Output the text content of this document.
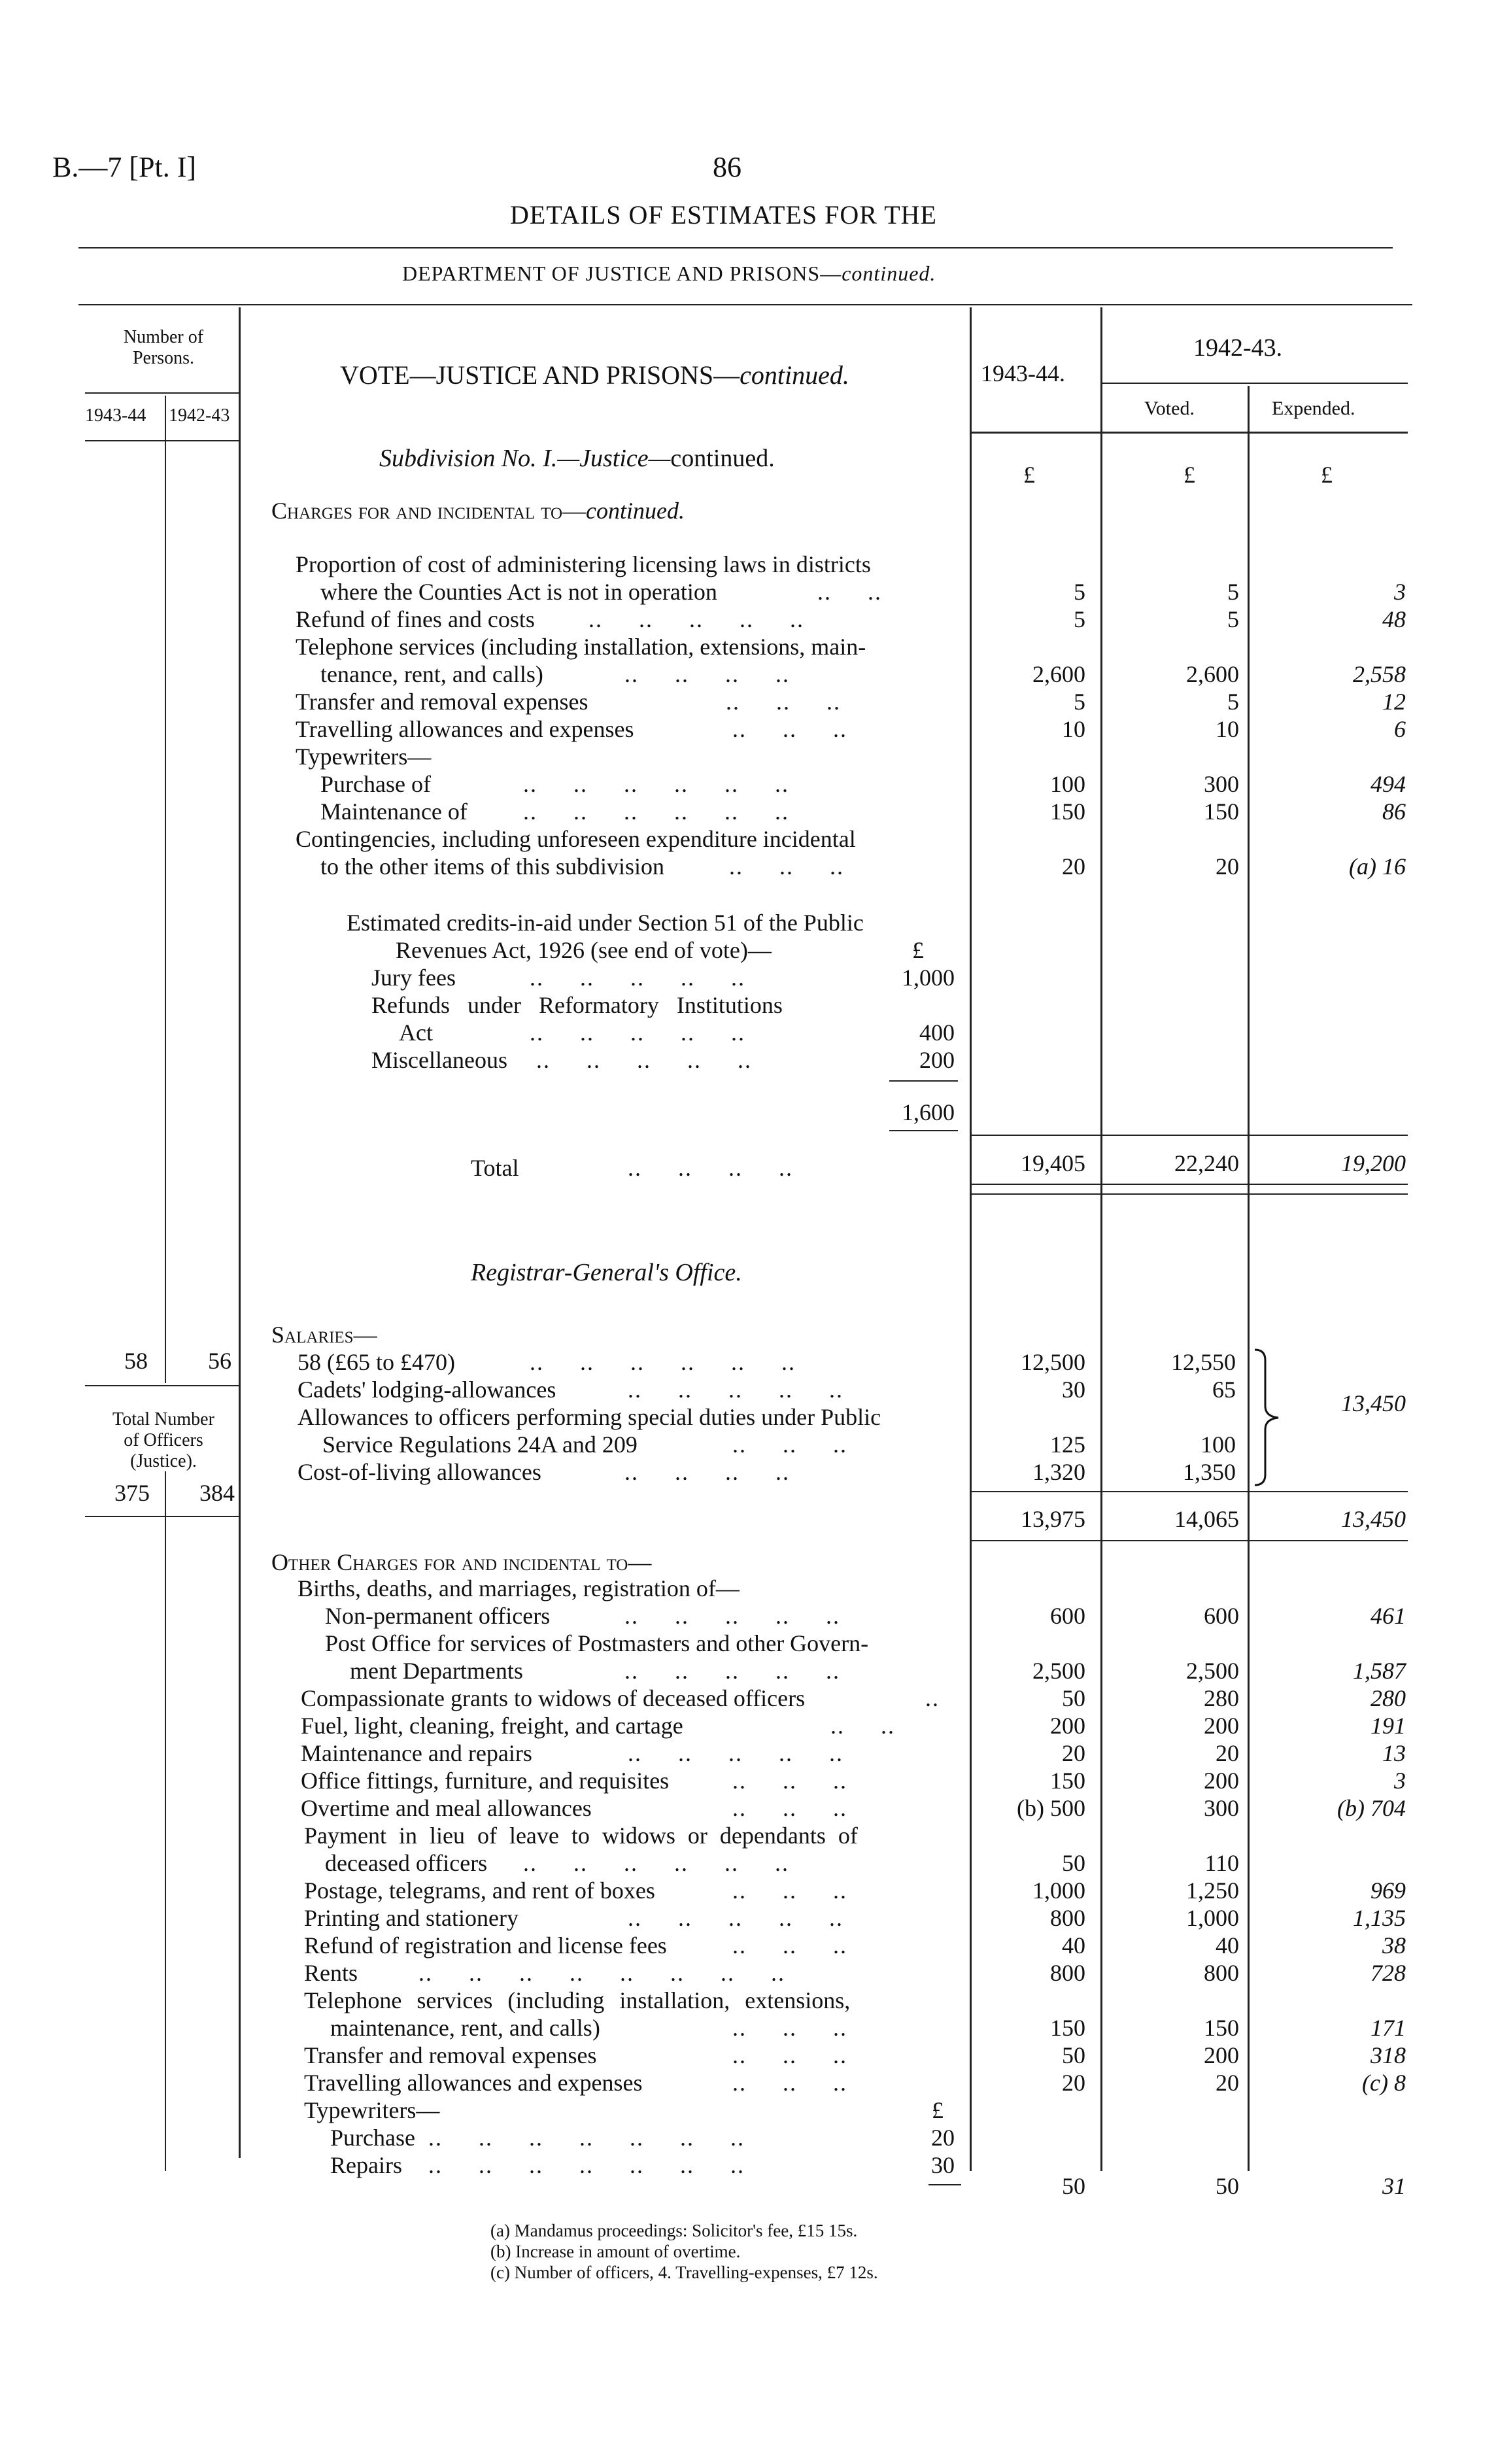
B.—7 [Pt. I]	86
DETAILS OF ESTIMATES FOR THE
DEPARTMENT OF JUSTICE AND PRISONS—continued.
Number of Persons.
1943-44 1942-43
VOTE—JUSTICE AND PRISONS—continued.	1943-44.
1942-43.
Voted.	Expended.
£	£	£
Subdivision No. I.—Justice—continued.
Charges for and incidental to—continued.
Proportion of cost of administering licensing laws in districts
where the Counties Act is not in operation	..     ..	5	5	3
Refund of fines and costs ..     ..     ..     ..     ..	5	5	48
Telephone services (including installation, extensions, main-
tenance, rent, and calls)	..     ..     ..     ..	2,600	2,600	2,558
Transfer and removal expenses	..     ..     ..	5	5	12
Travelling allowances and expenses	..     ..     ..	10	10	6
Typewriters—
Purchase of	..     ..     ..     ..     ..     ..	100	300	494
Maintenance of ..     ..     ..     ..     ..     ..	150	150	86
Contingencies, including unforeseen expenditure incidental
to the other items of this subdivision	..     ..     ..	20	20	(a) 16
Estimated credits-in-aid under Section 51 of the Public
Revenues Act, 1926 (see end of vote)—	£
Jury fees	..     ..     ..     ..     ..	1,000
Refunds under Reformatory Institutions
Act	..     ..     ..     ..     ..	400
Miscellaneous ..     ..     ..     ..     ..	200
1,600
Total	..     ..     ..     ..	19,405	22,240	19,200
Registrar-General's Office.
Salaries—
58	56
Total Number
of Officers
(Justice).
375 384
58 (£65 to £470)	..     ..     ..     ..     ..     ..	12,500	12,550
Cadets' lodging-allowances	..     ..     ..     ..     ..	30	65
Allowances to officers performing special duties under Public
Service Regulations 24A and 209	..     ..     ..	125	100
Cost-of-living allowances	..     ..     ..     ..	1,320	1,350
13,450
13,975	14,065	13,450
Other Charges for and incidental to—
Births, deaths, and marriages, registration of—
Non-permanent officers	..     ..     ..     ..     ..	600	600	461
Post Office for services of Postmasters and other Govern-
ment Departments	..     ..     ..     ..     ..	2,500	2,500	1,587
Compassionate grants to widows of deceased officers	..	50	280	280
Fuel, light, cleaning, freight, and cartage	..     ..	200	200	191
Maintenance and repairs	..     ..     ..     ..     ..	20	20	13
Office fittings, furniture, and requisites	..     ..     ..	150	200	3
Overtime and meal allowances	..     ..     ..	(b) 500	300	(b) 704
Payment in lieu of leave to widows or dependants of
deceased officers ..     ..     ..     ..     ..     ..	50	110
Postage, telegrams, and rent of boxes	..     ..     ..	1,000	1,250	969
Printing and stationery	..     ..     ..     ..     ..	800	1,000	1,135
Refund of registration and license fees	..     ..     ..	40	40	38
Rents	..     ..     ..     ..     ..     ..     ..     ..	800	800	728
Telephone services (including installation, extensions,
maintenance, rent, and calls)	..     ..     ..	150	150	171
Transfer and removal expenses	..     ..     ..	50	200	318
Travelling allowances and expenses	..     ..     ..	20	20	(c) 8
Typewriters—	£
Purchase ..     ..     ..     ..     ..     ..     ..	20
Repairs ..     ..     ..     ..     ..     ..     ..	30
50	50	31
(a) Mandamus proceedings: Solicitor's fee, £15 15s.
(b) Increase in amount of overtime.
(c) Number of officers, 4. Travelling-expenses, £7 12s.
